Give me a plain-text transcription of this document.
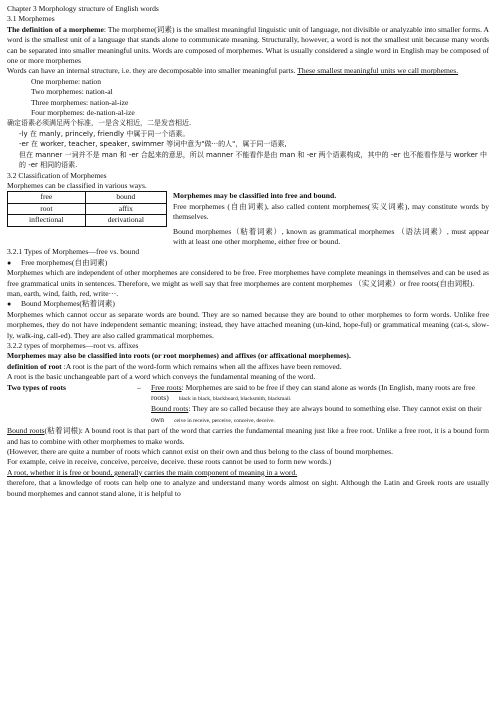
Chapter 3 Morphology structure of English words

3.1 Morphemes

The definition of a morpheme: The morpheme(词素) is the smallest meaningful linguistic unit of language, not divisible or analyzable into smaller forms. A word is the smallest unit of a language that stands alone to communicate meaning. Structurally, however, a word is not the smallest unit because many words can be separated into smaller meaningful units. Words are composed of morphemes. What is usually considered a single word in English may be composed of one or more morphemes

Words can have an internal structure, i.e. they are decomposable into smaller meaningful parts. These smallest meaningful units we call morphemes.

One morpheme: nation

Two morphemes: nation-al

Three morphemes: nation-al-ize

Four morphemes: de-nation-al-ize

确定语素必须满足两个标准，一是含义相近，二是发音相近.

-ly 在 manly, princely, friendly 中属于同一个语素。

-er 在 worker, teacher, speaker, swimmer 等词中意为"做···的人"，属于同一语素,

但在 manner 一词并不是 man 和 -er 合起来的意思，所以 manner 不能看作是由 man 和 -er 两个语素构成，其中的 -er 也不能看作是与 worker 中的 -er 相同的语素.

3.2 Classification of Morphemes

Morphemes can be classified in various ways.

free	bound
root	affix
inflectional	derivational

Morphemes may be classified into free and bound.

Free morphemes (自由词素), also called content morphemes(实义词素), may constitute words by themselves.

Bound morphemes（粘着词素）, known as grammatical morphemes （语法词素）, must appear with at least one other morpheme, either free or bound.

3.2.1 Types of Morphemes—free vs. bound

● Free morphemes(自由词素)

Morphemes which are independent of other morphemes are considered to be free. Free morphemes have complete meanings in themselves and can be used as free grammatical units in sentences. Therefore, we might as well say that free morphemes are content morphemes （实义词素）or free roots(自由词根).

man, earth, wind, faith, red, write···.

● Bound Morphemes(粘着词素)

Morphemes which cannot occur as separate words are bound. They are so named because they are bound to other morphemes to form words. Unlike free morphemes, they do not have independent semantic meaning; instead, they have attached meaning (un-kind, hope-ful) or grammatical meaning (cat-s, slow-ly, walk-ing, call-ed). They are also called grammatical morphemes.

3.2.2 types of morphemes—root vs. affixes

Morphemes may also be classified into roots (or root morphemes) and affixes (or affixational morphemes).

definition of root :A root is the part of the word-form which remains when all the affixes have been removed.

A root is the basic unchangeable part of a word which conveys the fundamental meaning of the word.

Two types of roots	–	Free roots: Morphemes are said to be free if they can stand alone as words (In English, many roots are free roots) black in black, blackboard, blacksmith, blackmail.

Bound roots: They are so called because they are always bound to something else. They cannot exist on their own ceive in receive, perceive, conceive, deceive.

Bound roots(粘着词根): A bound root is that part of the word that carries the fundamental meaning just like a free root. Unlike a free root, it is a bound form and has to combine with other morphemes to make words.

(However, there are quite a number of roots which cannot exist on their own and thus belong to the class of bound morphemes.

For example, ceive in receive, conceive, perceive, deceive. these roots cannot be used to form new words.)

A root, whether it is free or bound, generally carries the main component of meaning in a word.

therefore, that a knowledge of roots can help one to analyze and understand many words almost on sight. Although the Latin and Greek roots are usually bound morphemes and cannot stand alone, it is helpful to
